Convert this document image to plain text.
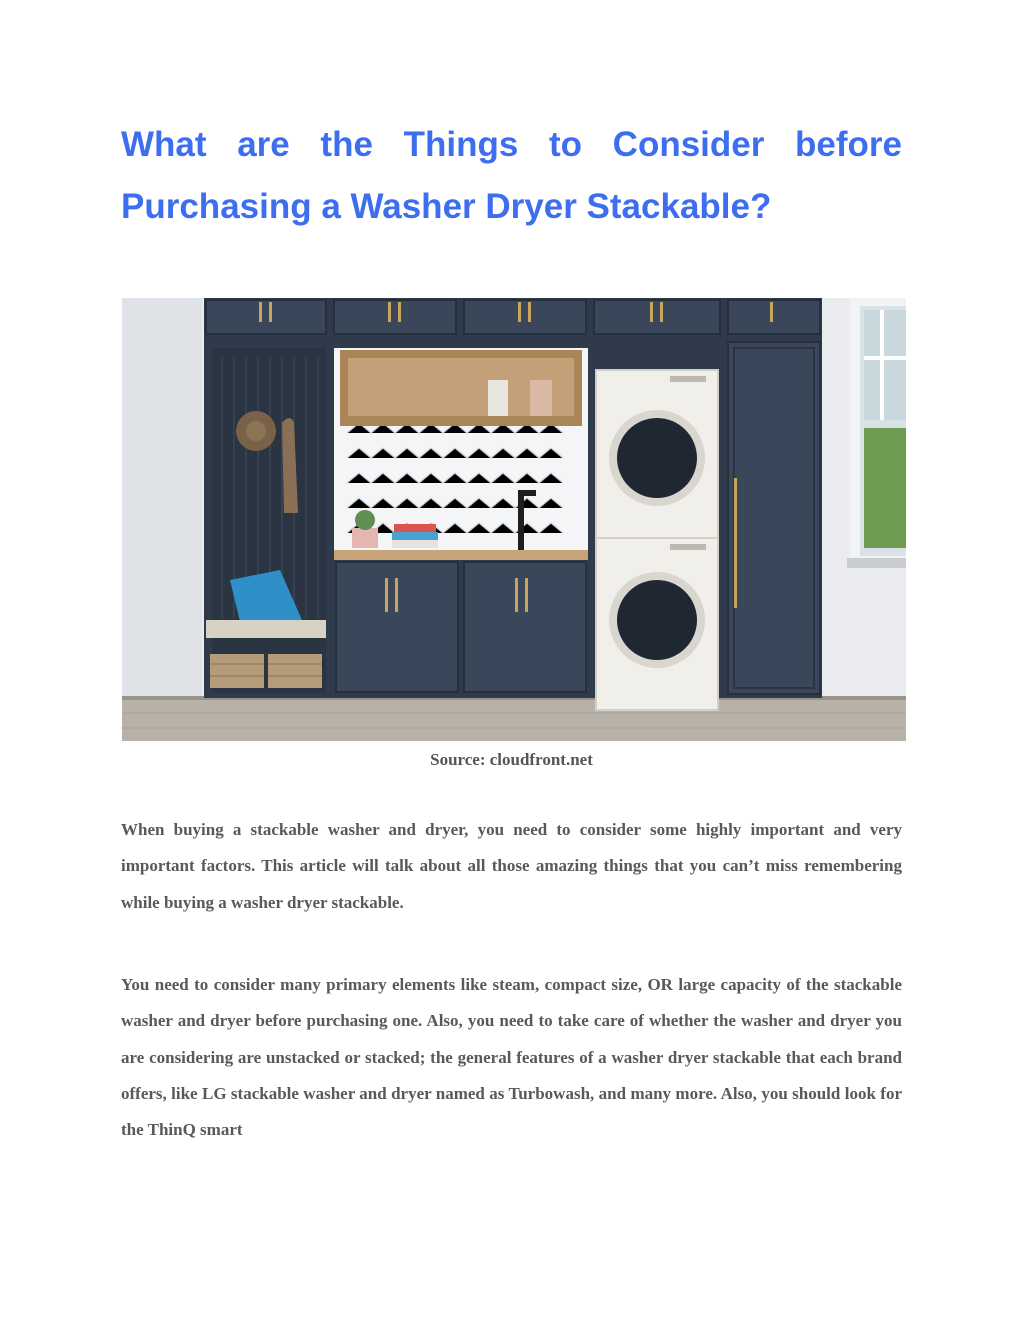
What are the Things to Consider before Purchasing a Washer Dryer Stackable?
Source: cloudfront.net

When buying a stackable washer and dryer, you need to consider some highly important and very important factors. This article will talk about all those amazing things that you can’t miss remembering while buying a washer dryer stackable.

You need to consider many primary elements like steam, compact size, OR large capacity of the stackable washer and dryer before purchasing one. Also, you need to take care of whether the washer and dryer you are considering are unstacked or stacked; the general features of a washer dryer stackable that each brand offers, like LG stackable washer and dryer named as Turbowash, and many more. Also, you should look for the ThinQ smart
